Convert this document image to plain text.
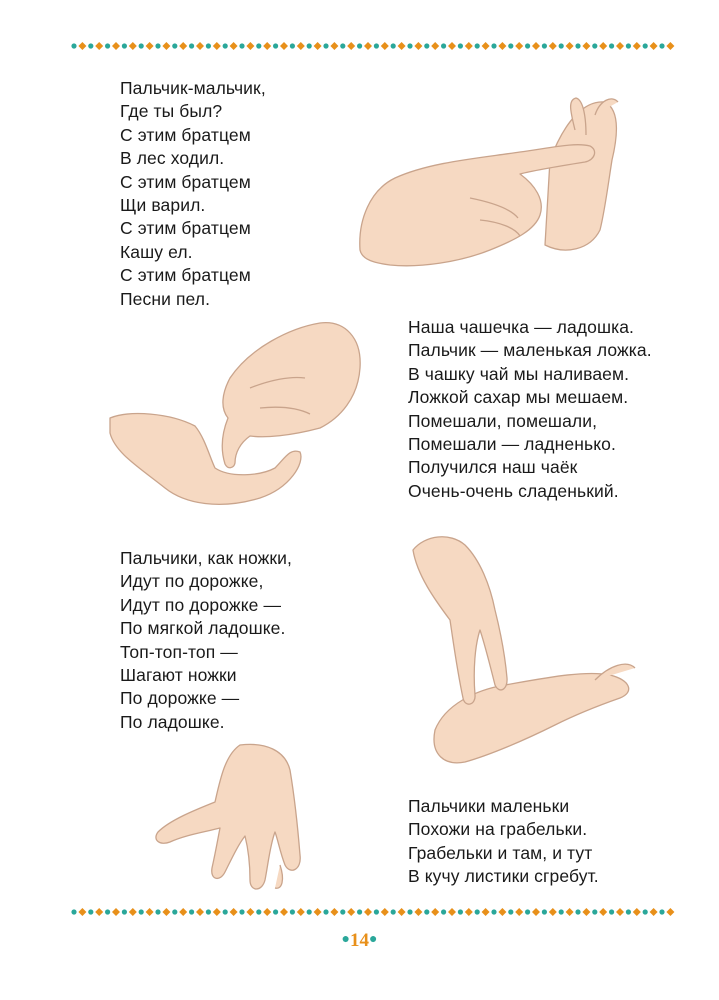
Пальчик-мальчик,
Где ты был?
С этим братцем
В лес ходил.
С этим братцем
Щи варил.
С этим братцем
Кашу ел.
С этим братцем
Песни пел.
Наша чашечка — ладошка.
Пальчик — маленькая ложка.
В чашку чай мы наливаем.
Ложкой сахар мы мешаем.
Помешали, помешали,
Помешали — ладненько.
Получился наш чаёк
Очень-очень сладенький.
Пальчики, как ножки,
Идут по дорожке,
Идут по дорожке —
По мягкой ладошке.
Топ-топ-топ —
Шагают ножки
По дорожке —
По ладошке.
Пальчики маленьки
Похожи на грабельки.
Грабельки и там, и тут
В кучу листики сгребут.
●14●
